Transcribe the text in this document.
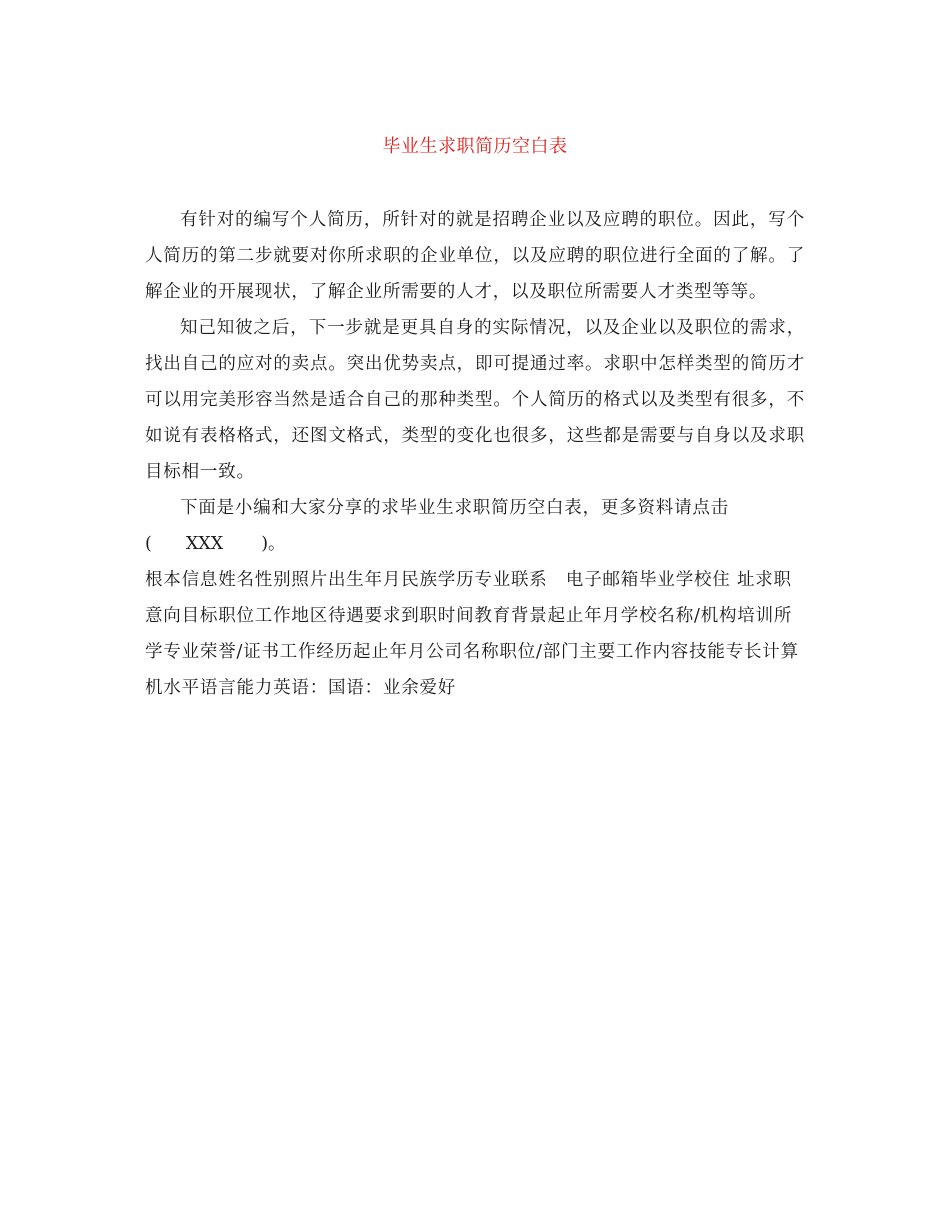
毕业生求职简历空白表

有针对的编写个人简历，所针对的就是招聘企业以及应聘的职位。因此，写个人简历的第二步就要对你所求职的企业单位，以及应聘的职位进行全面的了解。了解企业的开展现状，了解企业所需要的人才，以及职位所需要人才类型等等。

知己知彼之后，下一步就是更具自身的实际情况，以及企业以及职位的需求，找出自己的应对的卖点。突出优势卖点，即可提通过率。求职中怎样类型的简历才可以用完美形容当然是适合自己的那种类型。个人简历的格式以及类型有很多，不如说有表格格式，还图文格式，类型的变化也很多，这些都是需要与自身以及求职目标相一致。

下面是小编和大家分享的求毕业生求职简历空白表，更多资料请点击

( XXX )。

根本信息姓名性别照片出生年月民族学历专业联系　电子邮箱毕业学校住 址求职意向目标职位工作地区待遇要求到职时间教育背景起止年月学校名称/机构培训所学专业荣誉/证书工作经历起止年月公司名称职位/部门主要工作内容技能专长计算机水平语言能力英语：国语：业余爱好
